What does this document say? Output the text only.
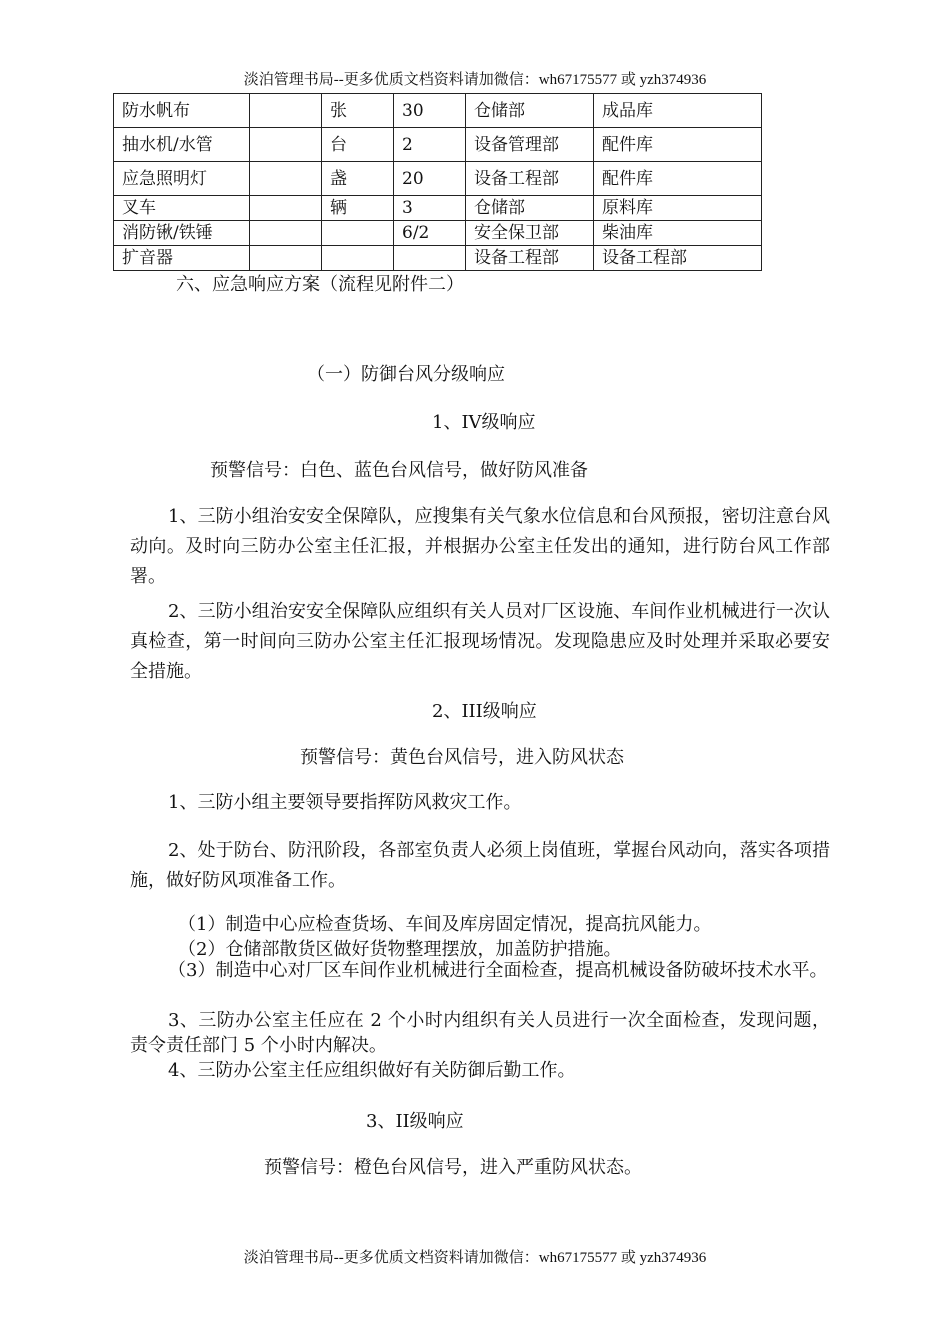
淡泊管理书局--更多优质文档资料请加微信：wh67175577 或 yzh374936
防水帆布		张	30	仓储部	成品库
抽水机/水管		台	2	设备管理部	配件库
应急照明灯		盏	20	设备工程部	配件库
叉车		辆	3	仓储部	原料库
消防锹/铁锤			6/2	安全保卫部	柴油库
扩音器				设备工程部	设备工程部
六、应急响应方案（流程见附件二）
（一）防御台风分级响应
1、IV级响应
预警信号：白色、蓝色台风信号，做好防风准备
1、三防小组治安安全保障队，应搜集有关气象水位信息和台风预报，密切注意台风动向。及时向三防办公室主任汇报，并根据办公室主任发出的通知，进行防台风工作部署。
2、三防小组治安安全保障队应组织有关人员对厂区设施、车间作业机械进行一次认真检查，第一时间向三防办公室主任汇报现场情况。发现隐患应及时处理并采取必要安全措施。
2、III级响应
预警信号：黄色台风信号，进入防风状态
1、三防小组主要领导要指挥防风救灾工作。
2、处于防台、防汛阶段，各部室负责人必须上岗值班，掌握台风动向，落实各项措施，做好防风项准备工作。
（1）制造中心应检查货场、车间及库房固定情况，提高抗风能力。
（2）仓储部散货区做好货物整理摆放，加盖防护措施。
（3）制造中心对厂区车间作业机械进行全面检查，提高机械设备防破坏技术水平。
3、三防办公室主任应在 2 个小时内组织有关人员进行一次全面检查，发现问题，责令责任部门 5 个小时内解决。
4、三防办公室主任应组织做好有关防御后勤工作。
3、II级响应
预警信号：橙色台风信号，进入严重防风状态。
淡泊管理书局--更多优质文档资料请加微信：wh67175577 或 yzh374936
